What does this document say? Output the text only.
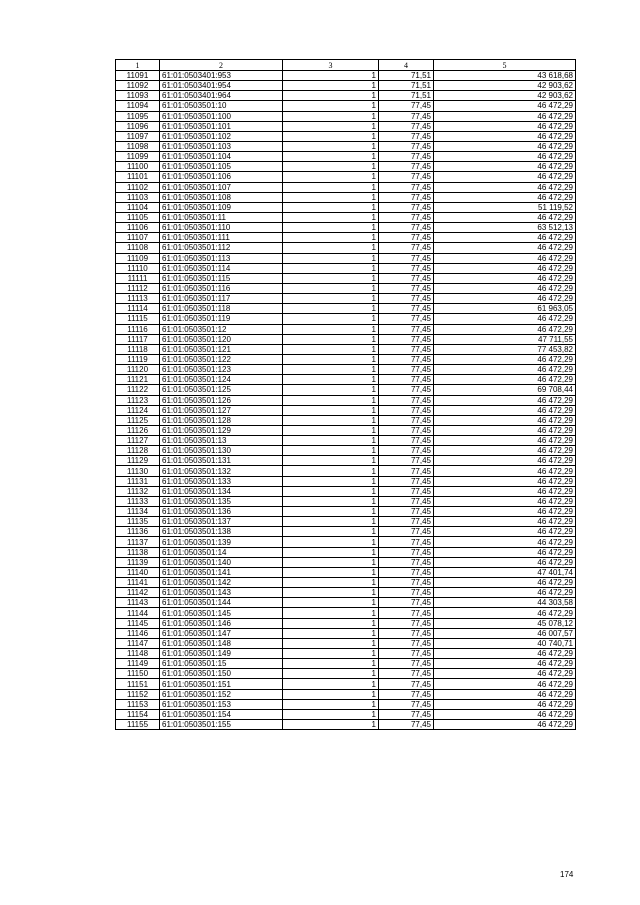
1	2	3	4	5
11091	61:01:0503401:953	1	71,51	43 618,68
11092	61:01:0503401:954	1	71,51	42 903,62
11093	61:01:0503401:964	1	71,51	42 903,62
11094	61:01:0503501:10	1	77,45	46 472,29
11095	61:01:0503501:100	1	77,45	46 472,29
11096	61:01:0503501:101	1	77,45	46 472,29
11097	61:01:0503501:102	1	77,45	46 472,29
11098	61:01:0503501:103	1	77,45	46 472,29
11099	61:01:0503501:104	1	77,45	46 472,29
11100	61:01:0503501:105	1	77,45	46 472,29
11101	61:01:0503501:106	1	77,45	46 472,29
11102	61:01:0503501:107	1	77,45	46 472,29
11103	61:01:0503501:108	1	77,45	46 472,29
11104	61:01:0503501:109	1	77,45	51 119,52
11105	61:01:0503501:11	1	77,45	46 472,29
11106	61:01:0503501:110	1	77,45	63 512,13
11107	61:01:0503501:111	1	77,45	46 472,29
11108	61:01:0503501:112	1	77,45	46 472,29
11109	61:01:0503501:113	1	77,45	46 472,29
11110	61:01:0503501:114	1	77,45	46 472,29
11111	61:01:0503501:115	1	77,45	46 472,29
11112	61:01:0503501:116	1	77,45	46 472,29
11113	61:01:0503501:117	1	77,45	46 472,29
11114	61:01:0503501:118	1	77,45	61 963,05
11115	61:01:0503501:119	1	77,45	46 472,29
11116	61:01:0503501:12	1	77,45	46 472,29
11117	61:01:0503501:120	1	77,45	47 711,55
11118	61:01:0503501:121	1	77,45	77 453,82
11119	61:01:0503501:122	1	77,45	46 472,29
11120	61:01:0503501:123	1	77,45	46 472,29
11121	61:01:0503501:124	1	77,45	46 472,29
11122	61:01:0503501:125	1	77,45	69 708,44
11123	61:01:0503501:126	1	77,45	46 472,29
11124	61:01:0503501:127	1	77,45	46 472,29
11125	61:01:0503501:128	1	77,45	46 472,29
11126	61:01:0503501:129	1	77,45	46 472,29
11127	61:01:0503501:13	1	77,45	46 472,29
11128	61:01:0503501:130	1	77,45	46 472,29
11129	61:01:0503501:131	1	77,45	46 472,29
11130	61:01:0503501:132	1	77,45	46 472,29
11131	61:01:0503501:133	1	77,45	46 472,29
11132	61:01:0503501:134	1	77,45	46 472,29
11133	61:01:0503501:135	1	77,45	46 472,29
11134	61:01:0503501:136	1	77,45	46 472,29
11135	61:01:0503501:137	1	77,45	46 472,29
11136	61:01:0503501:138	1	77,45	46 472,29
11137	61:01:0503501:139	1	77,45	46 472,29
11138	61:01:0503501:14	1	77,45	46 472,29
11139	61:01:0503501:140	1	77,45	46 472,29
11140	61:01:0503501:141	1	77,45	47 401,74
11141	61:01:0503501:142	1	77,45	46 472,29
11142	61:01:0503501:143	1	77,45	46 472,29
11143	61:01:0503501:144	1	77,45	44 303,58
11144	61:01:0503501:145	1	77,45	46 472,29
11145	61:01:0503501:146	1	77,45	45 078,12
11146	61:01:0503501:147	1	77,45	46 007,57
11147	61:01:0503501:148	1	77,45	40 740,71
11148	61:01:0503501:149	1	77,45	46 472,29
11149	61:01:0503501:15	1	77,45	46 472,29
11150	61:01:0503501:150	1	77,45	46 472,29
11151	61:01:0503501:151	1	77,45	46 472,29
11152	61:01:0503501:152	1	77,45	46 472,29
11153	61:01:0503501:153	1	77,45	46 472,29
11154	61:01:0503501:154	1	77,45	46 472,29
11155	61:01:0503501:155	1	77,45	46 472,29
174
